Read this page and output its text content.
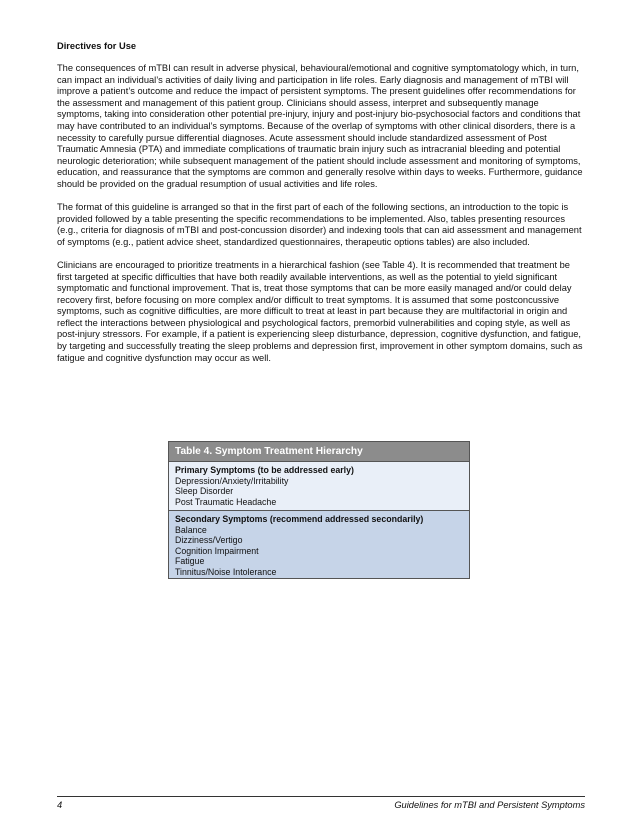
Directives for Use

The consequences of mTBI can result in adverse physical, behavioural/emotional and cognitive symptomatology which, in turn, can impact an individual’s activities of daily living and participation in life roles. Early diagnosis and management of mTBI will improve a patient’s outcome and reduce the impact of persistent symptoms. The present guidelines offer recommendations for the assessment and management of this patient group. Clinicians should assess, interpret and subsequently manage symptoms, taking into consideration other potential pre-injury, injury and post-injury bio-psychosocial factors and conditions that may have contributed to an individual’s symptoms. Because of the overlap of symptoms with other clinical disorders, there is a necessity to carefully pursue differential diagnoses. Acute assessment should include standardized assessment of Post Traumatic Amnesia (PTA) and immediate complications of traumatic brain injury such as intracranial bleeding and potential neurologic deterioration; while subsequent management of the patient should include assessment and monitoring of symptoms, education, and reassurance that the symptoms are common and generally resolve within days to weeks. Furthermore, guidance should be provided on the gradual resumption of usual activities and life roles.

The format of this guideline is arranged so that in the first part of each of the following sections, an introduction to the topic is provided followed by a table presenting the specific recommendations to be implemented. Also, tables presenting resources (e.g., criteria for diagnosis of mTBI and post-concussion disorder) and indexing tools that can aid assessment and management of symptoms (e.g., patient advice sheet, standardized questionnaires, therapeutic options tables) are also included.

Clinicians are encouraged to prioritize treatments in a hierarchical fashion (see Table 4). It is recommended that treatment be first targeted at specific difficulties that have both readily available interventions, as well as the potential to yield significant symptomatic and functional improvement. That is, treat those symptoms that can be more easily managed and/or could delay recovery first, before focusing on more complex and/or difficult to treat symptoms. It is assumed that some postconcussive symptoms, such as cognitive difficulties, are more difficult to treat at least in part because they are multifactorial in origin and reflect the interactions between physiological and psychological factors, premorbid vulnerabilities and coping style, as well as post-injury stressors. For example, if a patient is experiencing sleep disturbance, depression, cognitive dysfunction, and fatigue, by targeting and successfully treating the sleep problems and depression first, improvement in other symptom domains, such as fatigue and cognitive dysfunction may occur as well.

Table 4. Symptom Treatment Hierarchy
Primary Symptoms (to be addressed early)
Depression/Anxiety/Irritability
Sleep Disorder
Post Traumatic Headache
Secondary Symptoms (recommend addressed secondarily)
Balance
Dizziness/Vertigo
Cognition Impairment
Fatigue
Tinnitus/Noise Intolerance
4	Guidelines for mTBI and Persistent Symptoms
